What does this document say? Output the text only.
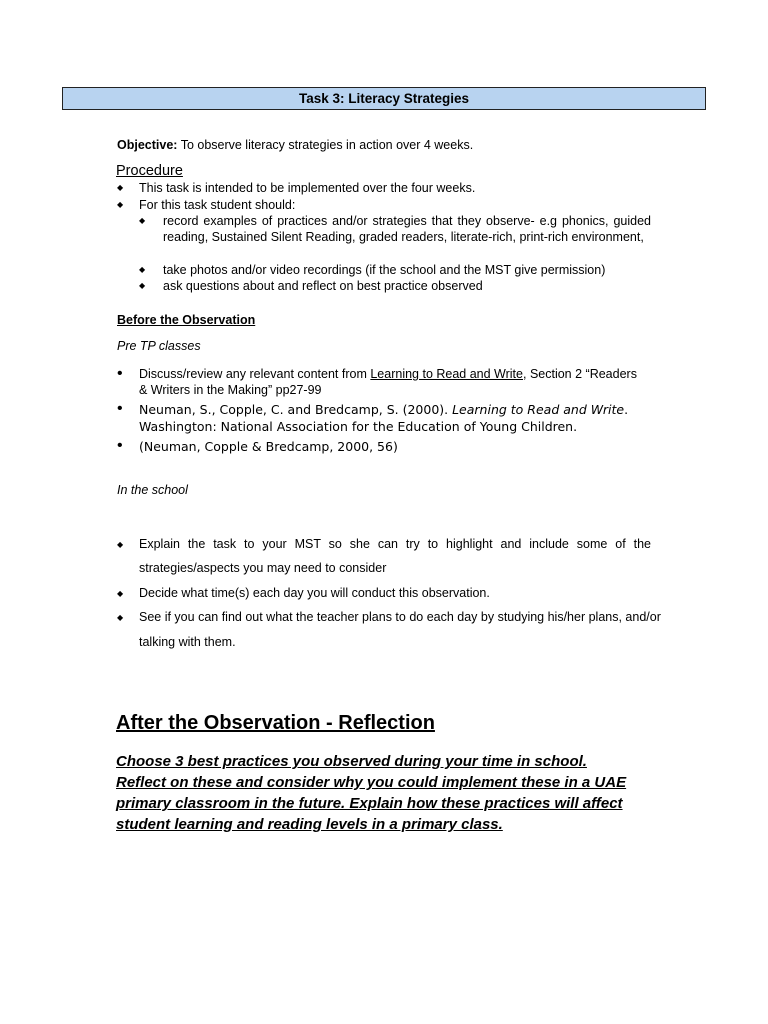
Task 3: Literacy Strategies
Objective: To observe literacy strategies in action over 4 weeks.
Procedure
◆ This task is intended to be implemented over the four weeks.
◆ For this task student should:
◆ record examples of practices and/or strategies that they observe- e.g phonics, guided reading, Sustained Silent Reading, graded readers, literate-rich, print-rich environment,
◆ take photos and/or video recordings (if the school and the MST give permission)
◆ ask questions about and reflect on best practice observed
Before the Observation
Pre TP classes
• Discuss/review any relevant content from Learning to Read and Write, Section 2 “Readers
& Writers in the Making” pp27-99
• Neuman, S., Copple, C. and Bredcamp, S. (2000). Learning to Read and Write.
Washington: National Association for the Education of Young Children.
• (Neuman, Copple & Bredcamp, 2000, 56)
In the school
◆ Explain the task to your MST so she can try to highlight and include some of the
strategies/aspects you may need to consider
◆ Decide what time(s) each day you will conduct this observation.
◆ See if you can find out what the teacher plans to do each day by studying his/her plans, and/or
talking with them.
After the Observation - Reflection
Choose 3 best practices you observed during your time in school.
Reflect on these and consider why you could implement these in a UAE
primary classroom in the future. Explain how these practices will affect
student learning and reading levels in a primary class.
